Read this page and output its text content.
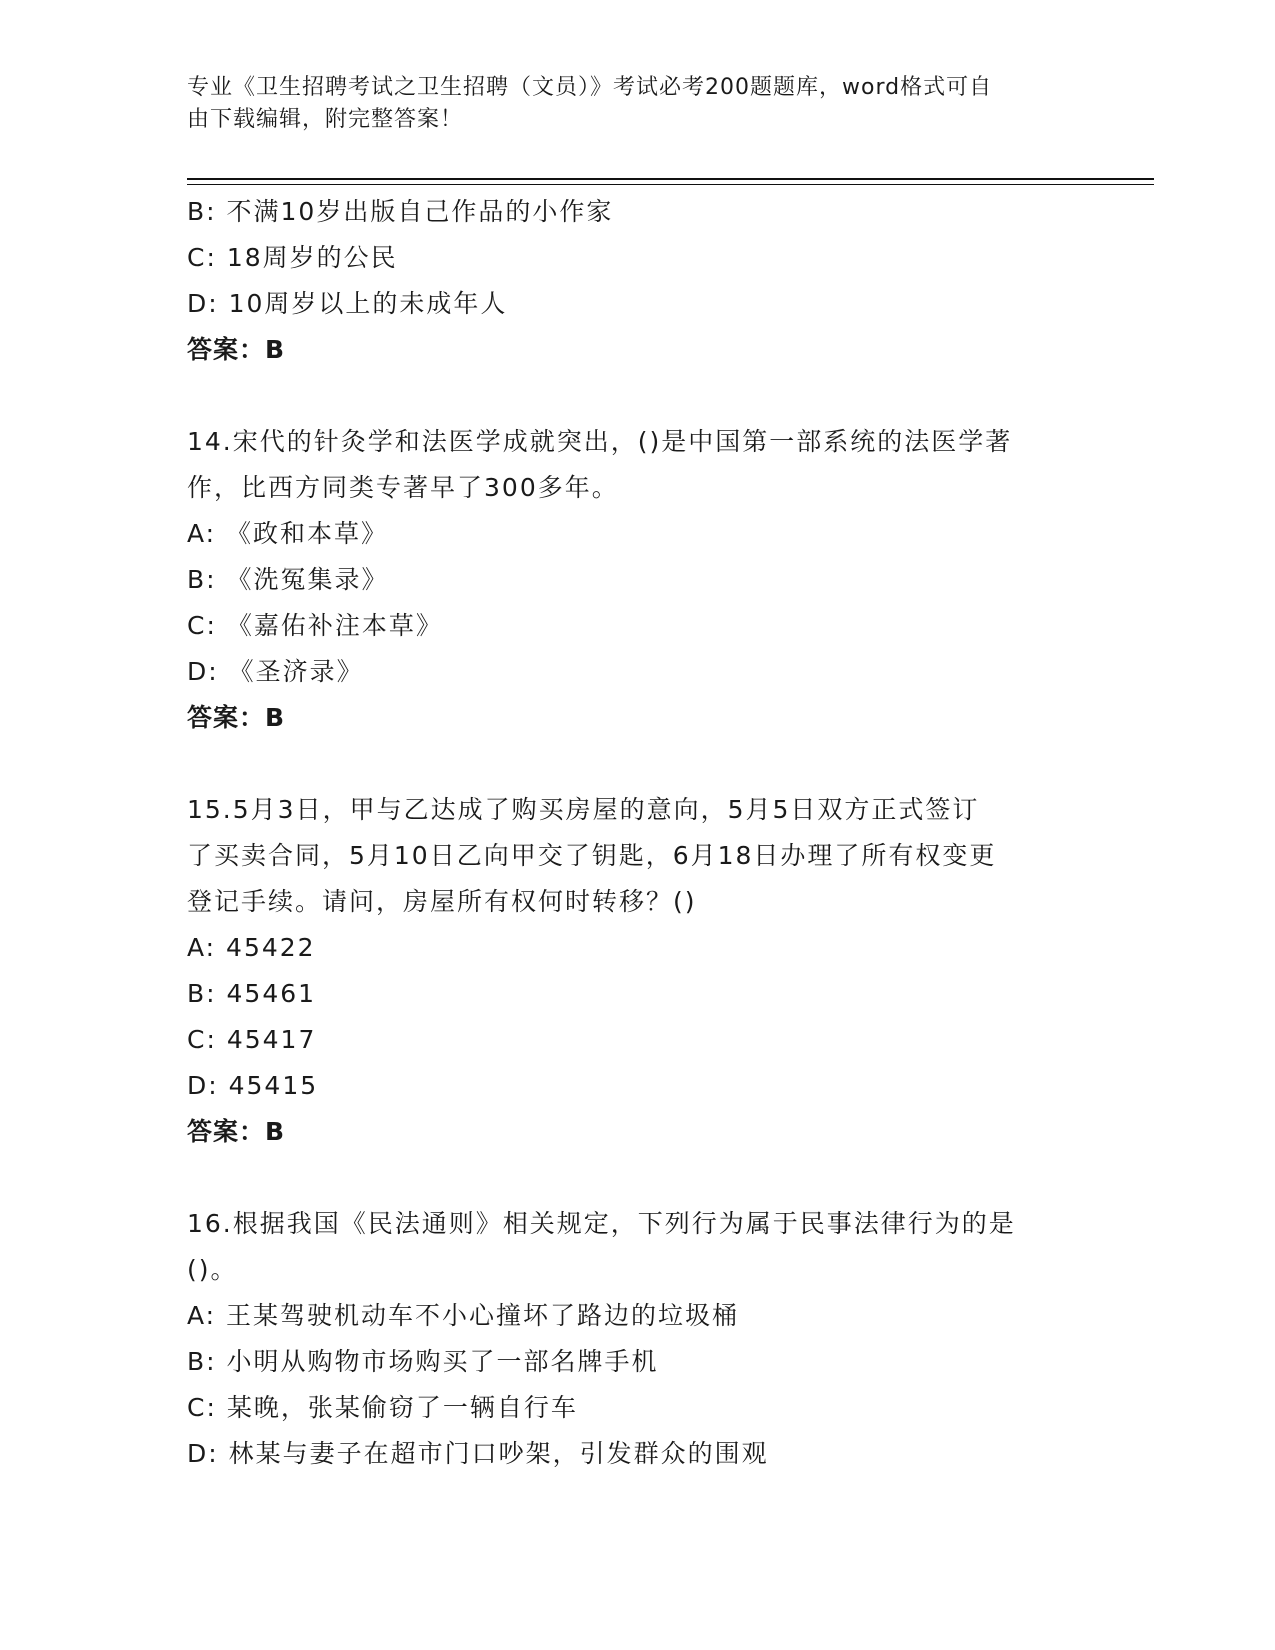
专业《卫生招聘考试之卫生招聘（文员）》考试必考200题题库，word格式可自
由下载编辑，附完整答案！
B: 不满10岁出版自己作品的小作家
C: 18周岁的公民
D: 10周岁以上的未成年人
答案：B
14.宋代的针灸学和法医学成就突出，()是中国第一部系统的法医学著
作，比西方同类专著早了300多年。
A: 《政和本草》
B: 《洗冤集录》
C: 《嘉佑补注本草》
D: 《圣济录》
答案：B
15.5月3日，甲与乙达成了购买房屋的意向，5月5日双方正式签订
了买卖合同，5月10日乙向甲交了钥匙，6月18日办理了所有权变更
登记手续。请问，房屋所有权何时转移？()
A: 45422
B: 45461
C: 45417
D: 45415
答案：B
16.根据我国《民法通则》相关规定，下列行为属于民事法律行为的是
()。
A: 王某驾驶机动车不小心撞坏了路边的垃圾桶
B: 小明从购物市场购买了一部名牌手机
C: 某晚，张某偷窃了一辆自行车
D: 林某与妻子在超市门口吵架，引发群众的围观
